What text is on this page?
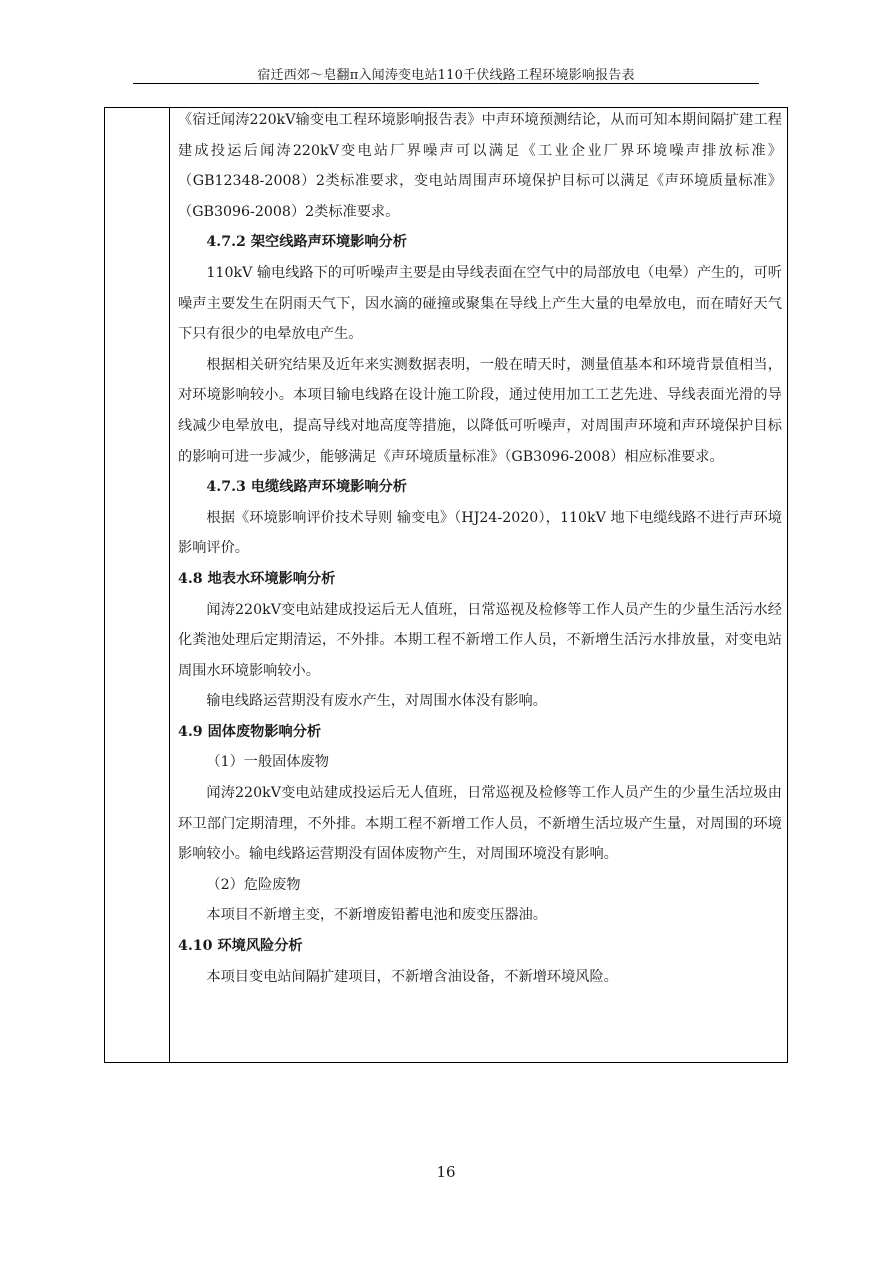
宿迁西郊～皂翻π入闻涛变电站110千伏线路工程环境影响报告表

《宿迁闻涛220kV输变电工程环境影响报告表》中声环境预测结论，从而可知本期间隔扩建工程建成投运后闻涛220kV变电站厂界噪声可以满足《工业企业厂界环境噪声排放标准》（GB12348-2008）2类标准要求，变电站周围声环境保护目标可以满足《声环境质量标准》（GB3096-2008）2类标准要求。

4.7.2 架空线路声环境影响分析

110kV 输电线路下的可听噪声主要是由导线表面在空气中的局部放电（电晕）产生的，可听噪声主要发生在阴雨天气下，因水滴的碰撞或聚集在导线上产生大量的电晕放电，而在晴好天气下只有很少的电晕放电产生。

根据相关研究结果及近年来实测数据表明，一般在晴天时，测量值基本和环境背景值相当，对环境影响较小。本项目输电线路在设计施工阶段，通过使用加工工艺先进、导线表面光滑的导线减少电晕放电，提高导线对地高度等措施，以降低可听噪声，对周围声环境和声环境保护目标的影响可进一步减少，能够满足《声环境质量标准》（GB3096-2008）相应标准要求。

4.7.3 电缆线路声环境影响分析

根据《环境影响评价技术导则 输变电》（HJ24-2020），110kV 地下电缆线路不进行声环境影响评价。

4.8 地表水环境影响分析

闻涛220kV变电站建成投运后无人值班，日常巡视及检修等工作人员产生的少量生活污水经化粪池处理后定期清运，不外排。本期工程不新增工作人员，不新增生活污水排放量，对变电站周围水环境影响较小。

输电线路运营期没有废水产生，对周围水体没有影响。

4.9 固体废物影响分析

（1）一般固体废物

闻涛220kV变电站建成投运后无人值班，日常巡视及检修等工作人员产生的少量生活垃圾由环卫部门定期清理，不外排。本期工程不新增工作人员，不新增生活垃圾产生量，对周围的环境影响较小。输电线路运营期没有固体废物产生，对周围环境没有影响。

（2）危险废物

本项目不新增主变，不新增废铅蓄电池和废变压器油。

4.10 环境风险分析

本项目变电站间隔扩建项目，不新增含油设备，不新增环境风险。

16
